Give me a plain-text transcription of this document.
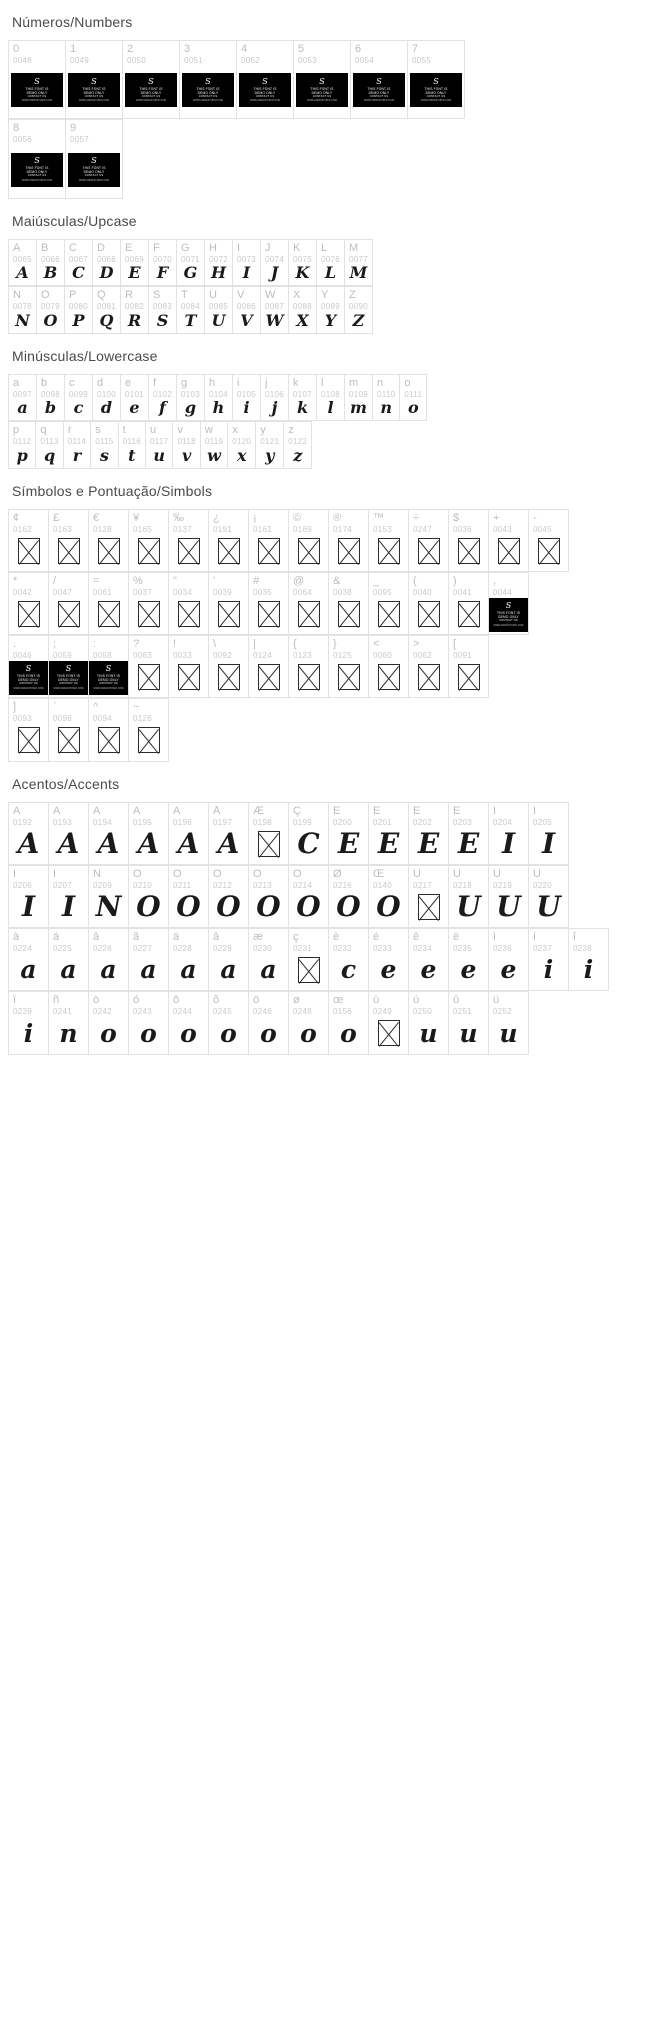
Números/Numbers
0
0048
S
THIS FONT IS
DEMO ONLY
CONTACT US
WWW.ANDIASTUDIO.COM
1
0049
S
THIS FONT IS
DEMO ONLY
CONTACT US
WWW.ANDIASTUDIO.COM
2
0050
S
THIS FONT IS
DEMO ONLY
CONTACT US
WWW.ANDIASTUDIO.COM
3
0051
S
THIS FONT IS
DEMO ONLY
CONTACT US
WWW.ANDIASTUDIO.COM
4
0052
S
THIS FONT IS
DEMO ONLY
CONTACT US
WWW.ANDIASTUDIO.COM
5
0053
S
THIS FONT IS
DEMO ONLY
CONTACT US
WWW.ANDIASTUDIO.COM
6
0054
S
THIS FONT IS
DEMO ONLY
CONTACT US
WWW.ANDIASTUDIO.COM
7
0055
S
THIS FONT IS
DEMO ONLY
CONTACT US
WWW.ANDIASTUDIO.COM
8
0056
S
THIS FONT IS
DEMO ONLY
CONTACT US
WWW.ANDIASTUDIO.COM
9
0057
S
THIS FONT IS
DEMO ONLY
CONTACT US
WWW.ANDIASTUDIO.COM
Maiúsculas/Upcase
A
0065
A
B
0066
B
C
0067
C
D
0068
D
E
0069
E
F
0070
F
G
0071
G
H
0072
H
I
0073
I
J
0074
J
K
0075
K
L
0076
L
M
0077
M
N
0078
N
O
0079
O
P
0080
P
Q
0081
Q
R
0082
R
S
0083
S
T
0084
T
U
0085
U
V
0086
V
W
0087
W
X
0088
X
Y
0089
Y
Z
0090
Z
Minúsculas/Lowercase
a
0097
a
b
0098
b
c
0099
c
d
0100
d
e
0101
e
f
0102
f
g
0103
g
h
0104
h
i
0105
i
j
0106
j
k
0107
k
l
0108
l
m
0109
m
n
0110
n
o
0111
o
p
0112
p
q
0113
q
r
0114
r
s
0115
s
t
0116
t
u
0117
u
v
0118
v
w
0119
w
x
0120
x
y
0121
y
z
0122
z
Símbolos e Pontuação/Simbols
¢
0162
£
0163
€
0128
¥
0165
‰
0137
¿
0191
¡
0161
©
0169
®
0174
™
0153
÷
0247
$
0036
+
0043
-
0045
*
0042
/
0047
=
0061
%
0037
"
0034
'
0039
#
0035
@
0064
&
0038
_
0095
(
0040
)
0041
,
0044
S
THIS FONT IS
DEMO ONLY
CONTACT US
WWW.ANDIASTUDIO.COM
.
0046
S
THIS FONT IS
DEMO ONLY
CONTACT US
WWW.ANDIASTUDIO.COM
;
0059
S
THIS FONT IS
DEMO ONLY
CONTACT US
WWW.ANDIASTUDIO.COM
:
0058
S
THIS FONT IS
DEMO ONLY
CONTACT US
WWW.ANDIASTUDIO.COM
?
0063
!
0033
\
0092
|
0124
{
0123
}
0125
<
0060
>
0062
[
0091
]
0093
`
0096
^
0094
~
0126
Acentos/Accents
À
0192
A
Á
0193
A
Â
0194
A
Ã
0195
A
Ä
0196
A
Å
0197
A
Æ
0198
Ç
0199
C
È
0200
E
É
0201
E
Ê
0202
E
Ë
0203
E
Ì
0204
I
Í
0205
I
Î
0206
I
Ï
0207
I
Ñ
0209
N
Ò
0210
O
Ó
0211
O
Ô
0212
O
Õ
0213
O
Ö
0214
O
Ø
0216
O
Œ
0140
O
Ù
0217
Ú
0218
U
Û
0219
U
Ü
0220
U
à
0224
a
á
0225
a
â
0226
a
ã
0227
a
ä
0228
a
â
0229
a
æ
0230
a
ç
0231
è
0232
c
é
0233
e
ê
0234
e
ë
0235
e
ì
0236
e
í
0237
i
î
0238
i
ï
0239
i
ñ
0241
n
ò
0242
o
ó
0243
o
ô
0244
o
õ
0245
o
ö
0246
o
ø
0248
o
œ
0156
o
ù
0249
ú
0250
u
û
0251
u
ü
0252
u
